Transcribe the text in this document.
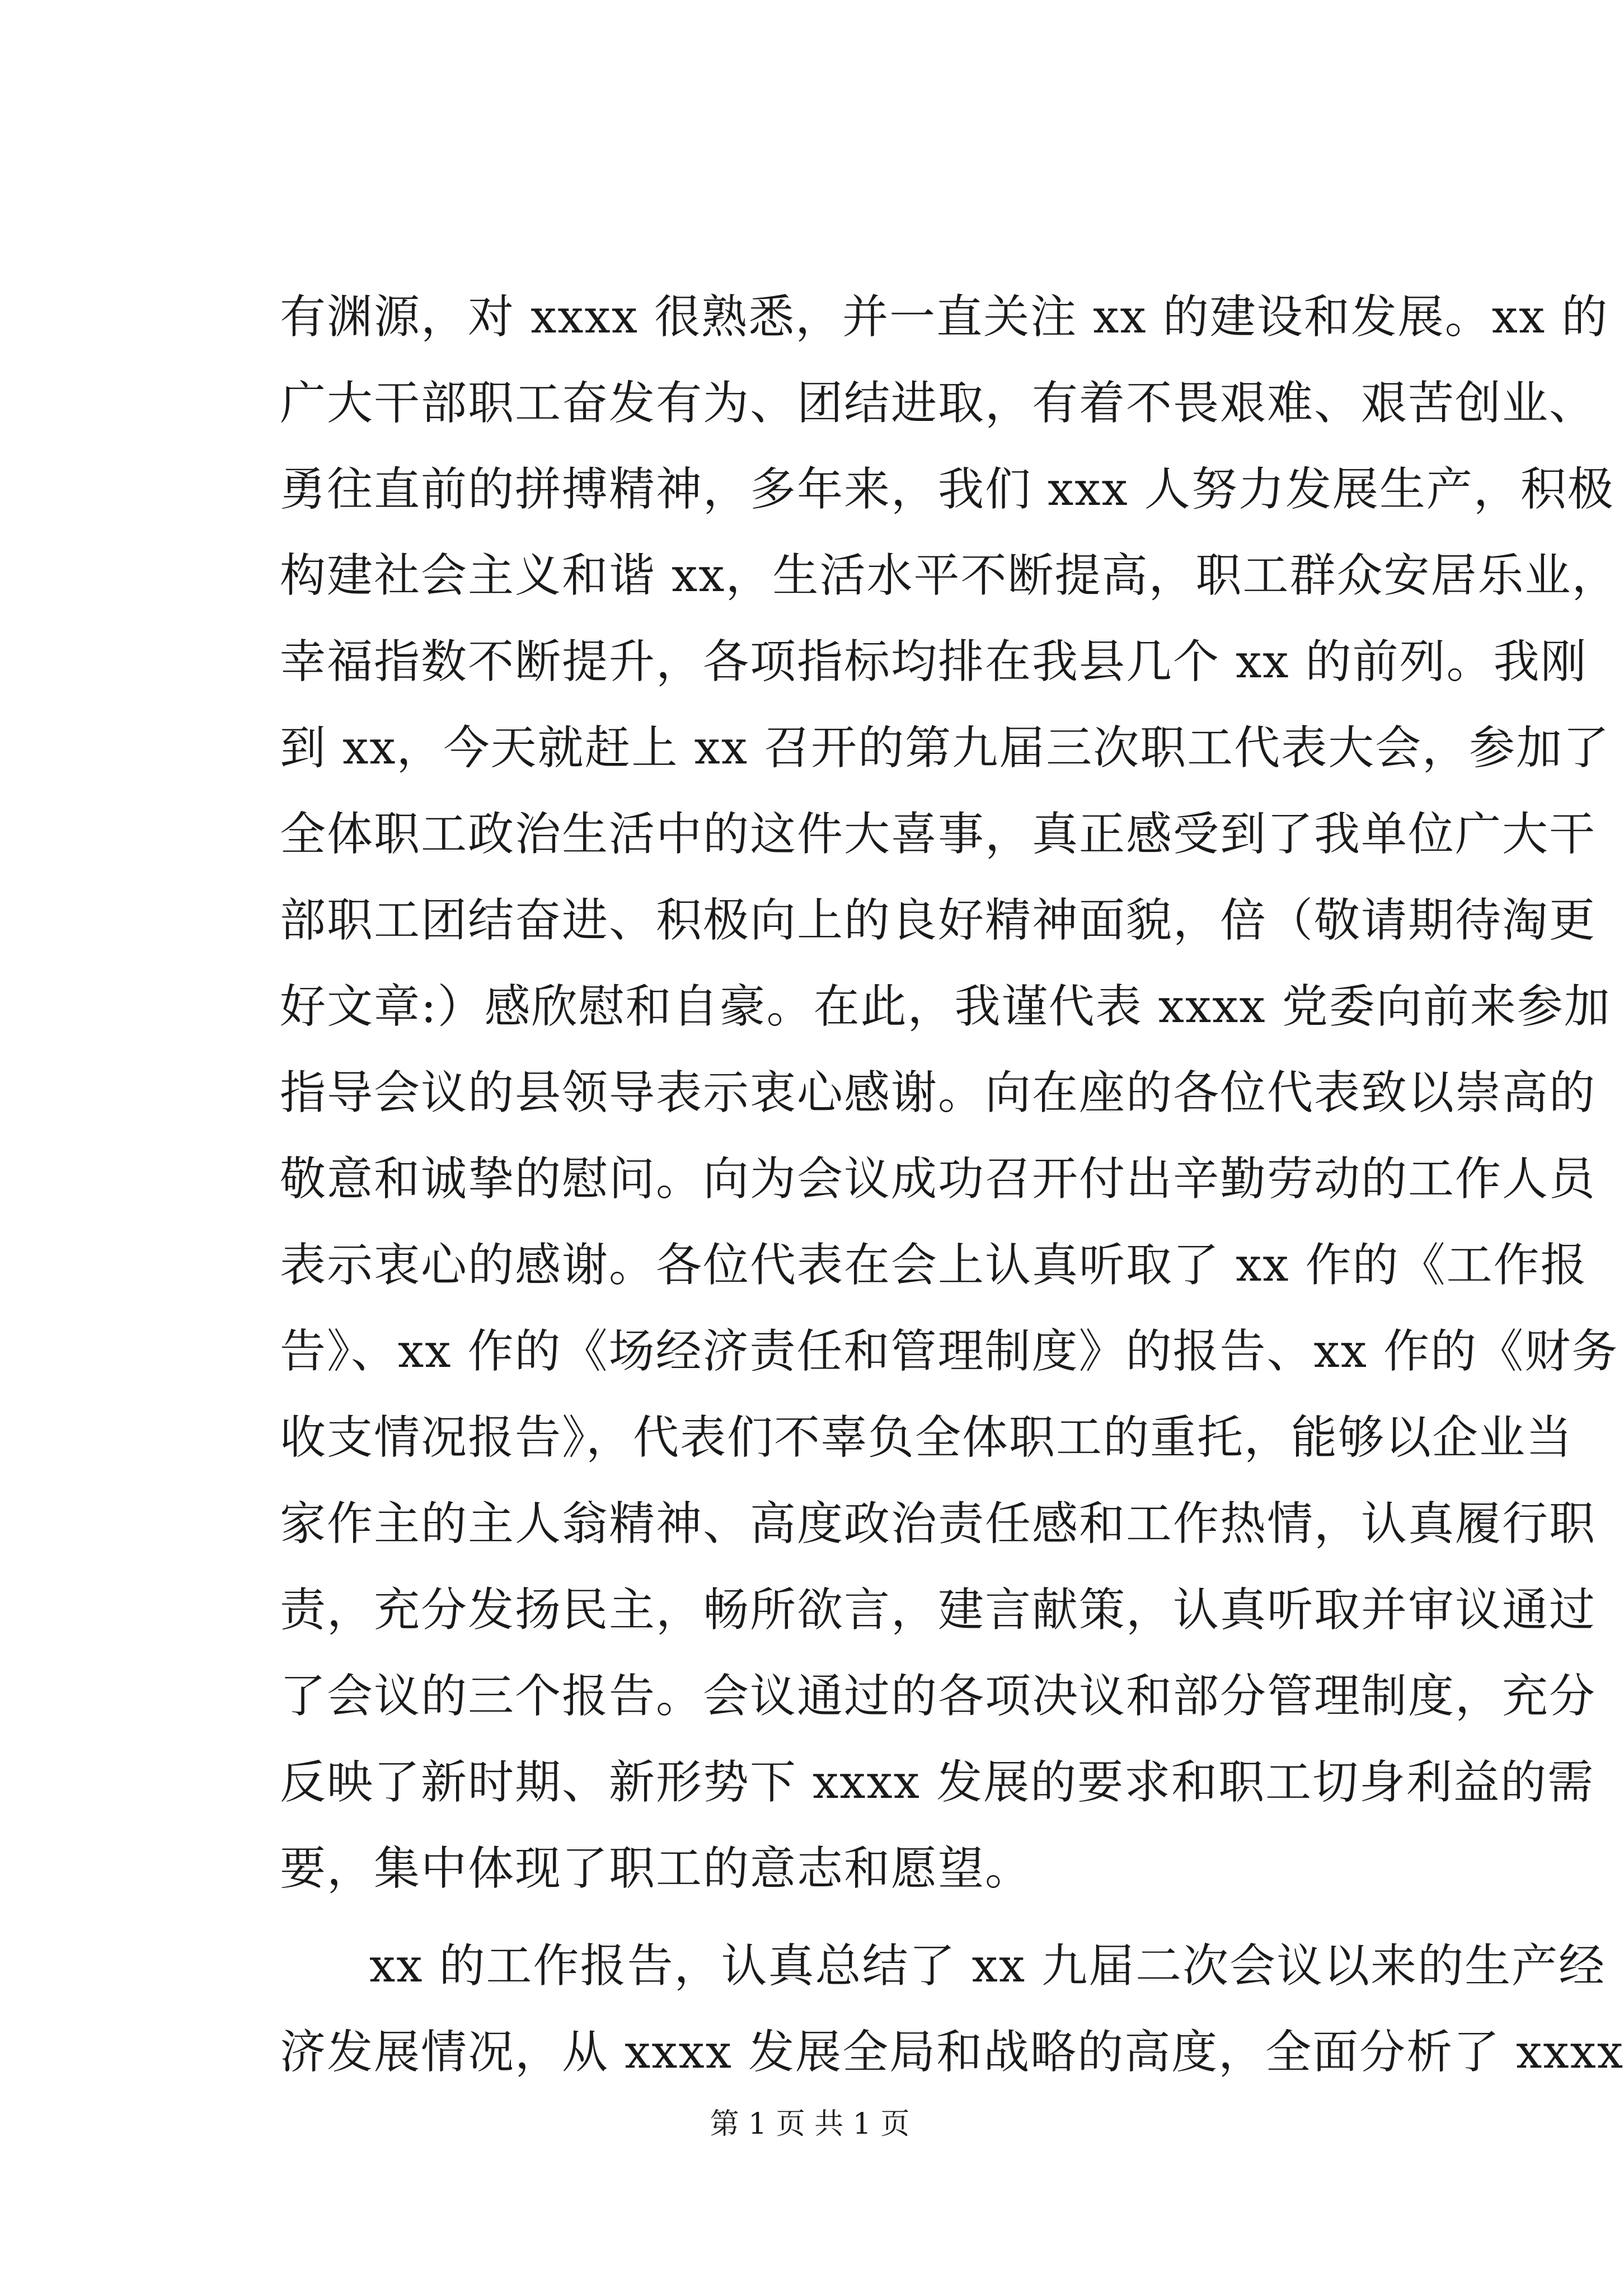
有渊源，对 xxxx 很熟悉，并一直关注 xx 的建设和发展。xx 的
广大干部职工奋发有为、团结进取，有着不畏艰难、艰苦创业、
勇往直前的拼搏精神，多年来，我们 xxx 人努力发展生产，积极
构建社会主义和谐 xx，生活水平不断提高，职工群众安居乐业，
幸福指数不断提升，各项指标均排在我县几个 xx 的前列。我刚
到 xx，今天就赶上 xx 召开的第九届三次职工代表大会，参加了
全体职工政治生活中的这件大喜事，真正感受到了我单位广大干
部职工团结奋进、积极向上的良好精神面貌，倍（敬请期待淘更
好文章:）感欣慰和自豪。在此，我谨代表 xxxx 党委向前来参加
指导会议的县领导表示衷心感谢。向在座的各位代表致以崇高的
敬意和诚挚的慰问。向为会议成功召开付出辛勤劳动的工作人员
表示衷心的感谢。各位代表在会上认真听取了 xx 作的《工作报
告》、xx 作的《场经济责任和管理制度》的报告、xx 作的《财务
收支情况报告》，代表们不辜负全体职工的重托，能够以企业当
家作主的主人翁精神、高度政治责任感和工作热情，认真履行职
责，充分发扬民主，畅所欲言，建言献策，认真听取并审议通过
了会议的三个报告。会议通过的各项决议和部分管理制度，充分
反映了新时期、新形势下 xxxx 发展的要求和职工切身利益的需
要，集中体现了职工的意志和愿望。
xx 的工作报告，认真总结了 xx 九届二次会议以来的生产经
济发展情况，从 xxxx 发展全局和战略的高度，全面分析了 xxxx
第 1 页 共 1 页
